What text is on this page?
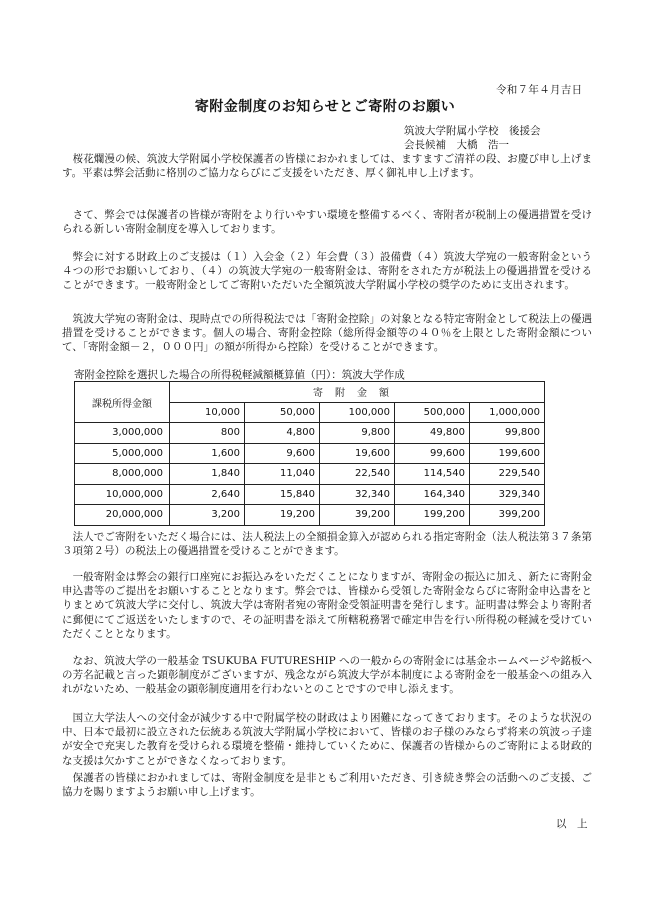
令和７年４月吉日
寄附金制度のお知らせとご寄附のお願い
筑波大学附属小学校　後援会
会長候補　大橋　浩一

　桜花爛漫の候、筑波大学附属小学校保護者の皆様におかれましては、ますますご清祥の段、お慶び申し上げます。平素は弊会活動に格別のご協力ならびにご支援をいただき、厚く御礼申し上げます。

　さて、弊会では保護者の皆様が寄附をより行いやすい環境を整備するべく、寄附者が税制上の優遇措置を受けられる新しい寄附金制度を導入しております。

　弊会に対する財政上のご支援は（１）入会金（２）年会費（３）設備費（４）筑波大学宛の一般寄附金という４つの形でお願いしており、（４）の筑波大学宛の一般寄附金は、寄附をされた方が税法上の優遇措置を受けることができます。一般寄附金としてご寄附いただいた全額筑波大学附属小学校の奨学のために支出されます。

　筑波大学宛の寄附金は、現時点での所得税法では「寄附金控除」の対象となる特定寄附金として税法上の優遇措置を受けることができます。個人の場合、寄附金控除（総所得金額等の４０％を上限とした寄附金額について、「寄附金額－２，０００円」の額が所得から控除）を受けることができます。

寄附金控除を選択した場合の所得税軽減額概算値（円）：筑波大学作成
課税所得金額	寄附金額				
	10,000	50,000	100,000	500,000	1,000,000
3,000,000	800	4,800	9,800	49,800	99,800
5,000,000	1,600	9,600	19,600	99,600	199,600
8,000,000	1,840	11,040	22,540	114,540	229,540
10,000,000	2,640	15,840	32,340	164,340	329,340
20,000,000	3,200	19,200	39,200	199,200	399,200

　法人でご寄附をいただく場合には、法人税法上の全額損金算入が認められる指定寄附金（法人税法第３７条第３項第２号）の税法上の優遇措置を受けることができます。

　一般寄附金は弊会の銀行口座宛にお振込みをいただくことになりますが、寄附金の振込に加え、新たに寄附金申込書等のご提出をお願いすることとなります。弊会では、皆様から受領した寄附金ならびに寄附金申込書をとりまとめて筑波大学に交付し、筑波大学は寄附者宛の寄附金受領証明書を発行します。証明書は弊会より寄附者に郵便にてご返送をいたしますので、その証明書を添えて所轄税務署で確定申告を行い所得税の軽減を受けていただくこととなります。

　なお、筑波大学の一般基金 TSUKUBA FUTURESHIP への一般からの寄附金には基金ホームページや銘板への芳名記載と言った顕彰制度がございますが、残念ながら筑波大学が本制度による寄附金を一般基金への組み入れがないため、一般基金の顕彰制度適用を行わないとのことですので申し添えます。

　国立大学法人への交付金が減少する中で附属学校の財政はより困難になってきております。そのような状況の中、日本で最初に設立された伝統ある筑波大学附属小学校において、皆様のお子様のみならず将来の筑波っ子達が安全で充実した教育を受けられる環境を整備・維持していくために、保護者の皆様からのご寄附による財政的な支援は欠かすことができなくなっております。

　保護者の皆様におかれましては、寄附金制度を是非ともご利用いただき、引き続き弊会の活動へのご支援、ご協力を賜りますようお願い申し上げます。

以　上
